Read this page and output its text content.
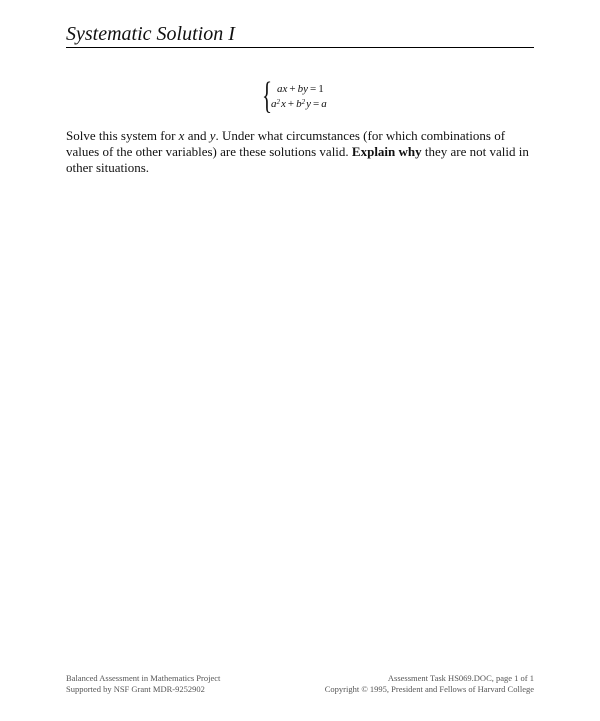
Systematic Solution I
{ ax + by = 1
$a^2x + b^2y = a$

Solve this system for x and y. Under what circumstances (for which combinations of values of the other variables) are these solutions valid. Explain why they are not valid in other situations.

Balanced Assessment in Mathematics Project
Supported by NSF Grant MDR-9252902
Assessment Task HS069.DOC, page 1 of 1
Copyright © 1995, President and Fellows of Harvard College
